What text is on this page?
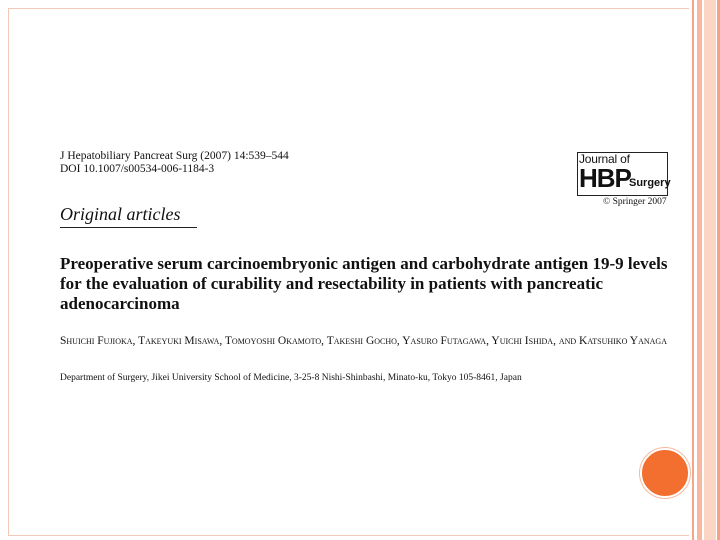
J Hepatobiliary Pancreat Surg (2007) 14:539–544
DOI 10.1007/s00534-006-1184-3
Journal of
HBP
Surgery
© Springer 2007
Original articles
Preoperative serum carcinoembryonic antigen and carbohydrate antigen 19-9 levels for the evaluation of curability and resectability in patients with pancreatic adenocarcinoma
Shuichi Fujioka, Takeyuki Misawa, Tomoyoshi Okamoto, Takeshi Gocho, Yasuro Futagawa, Yuichi Ishida, and Katsuhiko Yanaga
Department of Surgery, Jikei University School of Medicine, 3-25-8 Nishi-Shinbashi, Minato-ku, Tokyo 105-8461, Japan
